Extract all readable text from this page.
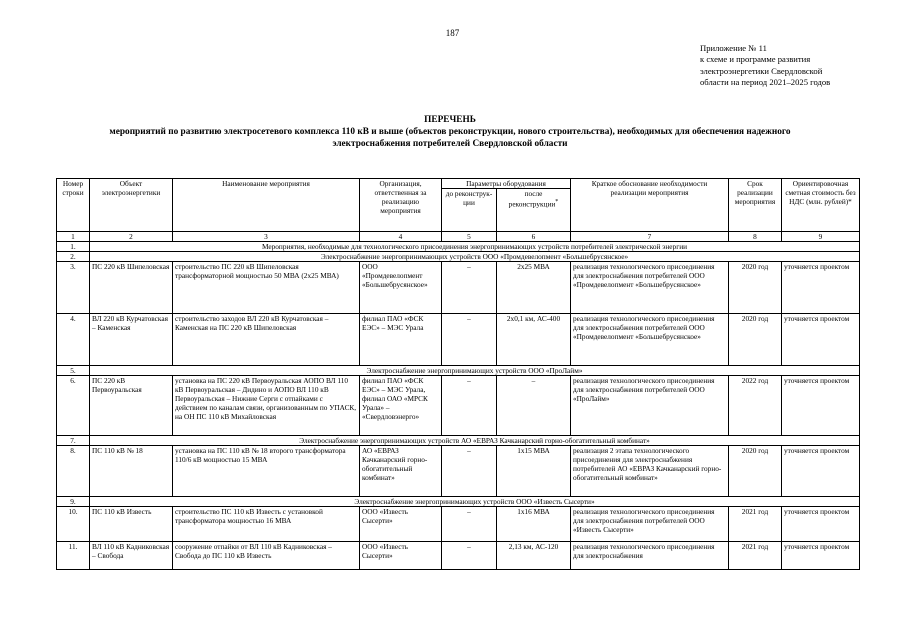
187
Приложение № 11
к схеме и программе развития
электроэнергетики Свердловской
области на период 2021–2025 годов
ПЕРЕЧЕНЬ
мероприятий по развитию электросетевого комплекса 110 кВ и выше (объектов реконструкции, нового строительства), необходимых для обеспечения надежного
электроснабжения потребителей Свердловской области
Номер строки	Объект электроэнергетики	Наименование мероприятия	Организация, ответственная за реализацию мероприятия	Параметры оборудования		Краткое обоснование необходимости реализации мероприятия	Срок реализации мероприятия	Ориентировочная сметная стоимость без НДС (млн. рублей)*
				до реконструк-ции	после реконструкции*
1	2	3	4	5	6	7	8	9
1.	Мероприятия, необходимые для технологического присоединения энергопринимающих устройств потребителей электрической энергии							
2.	Электроснабжение энергопринимающих устройств ООО «Промдевелопмент «Большебрусянское»							
3.	ПС 220 кВ Шипеловская	строительство ПС 220 кВ Шипеловская трансформаторной мощностью 50 МВА (2х25 МВА)	ООО «Промдевелопмент «Большебрусянское»	–	2х25 МВА	реализация технологического присоединения для электроснабжения потребителей ООО «Промдевелопмент «Большебрусянское»	2020 год	уточняется проектом
4.	ВЛ 220 кВ Курчатовская – Каменская	строительство заходов ВЛ 220 кВ Курчатовская – Каменская на ПС 220 кВ Шипеловская	филиал ПАО «ФСК ЕЭС» – МЭС Урала	–	2х0,1 км, АС-400	реализация технологического присоединения для электроснабжения потребителей ООО «Промдевелопмент «Большебрусянское»	2020 год	уточняется проектом
5.	Электроснабжение энергопринимающих устройств ООО «ПроЛайм»							
6.	ПС 220 кВ Первоуральская	установка на ПС 220 кВ Первоуральская АОПО ВЛ 110 кВ Первоуральская – Дидино и АОПО ВЛ 110 кВ Первоуральская – Нижние Серги с отпайками с действием по каналам связи, организованным по УПАСК, на ОН ПС 110 кВ Михайловская	филиал ПАО «ФСК ЕЭС» – МЭС Урала, филиал ОАО «МРСК Урала» – «Свердловэнерго»	–	–	реализация технологического присоединения для электроснабжения потребителей ООО «ПроЛайм»	2022 год	уточняется проектом
7.	Электроснабжение энергопринимающих устройств АО «ЕВРАЗ Качканарский горно-обогатительный комбинат»							
8.	ПС 110 кВ № 18	установка на ПС 110 кВ № 18 второго трансформатора 110/6 кВ мощностью 15 МВА	АО «ЕВРАЗ Качканарский горно-обогатительный комбинат»	–	1х15 МВА	реализация 2 этапа технологического присоединения для электроснабжения потребителей АО «ЕВРАЗ Качканарский горно-обогатительный комбинат»	2020 год	уточняется проектом
9.	Электроснабжение энергопринимающих устройств ООО «Известь Сысерти»							
10.	ПС 110 кВ Известь	строительство ПС 110 кВ Известь с установкой трансформатора мощностью 16 МВА	ООО «Известь Сысерти»	–	1х16 МВА	реализация технологического присоединения для электроснабжения потребителей ООО «Известь Сысерти»	2021 год	уточняется проектом
11.	ВЛ 110 кВ Кадниковская – Свобода	сооружение отпайки от ВЛ 110 кВ Кадниковская – Свобода до ПС 110 кВ Известь	ООО «Известь Сысерти»	–	2,13 км, АС-120	реализация технологического присоединения для электроснабжения	2021 год	уточняется проектом
